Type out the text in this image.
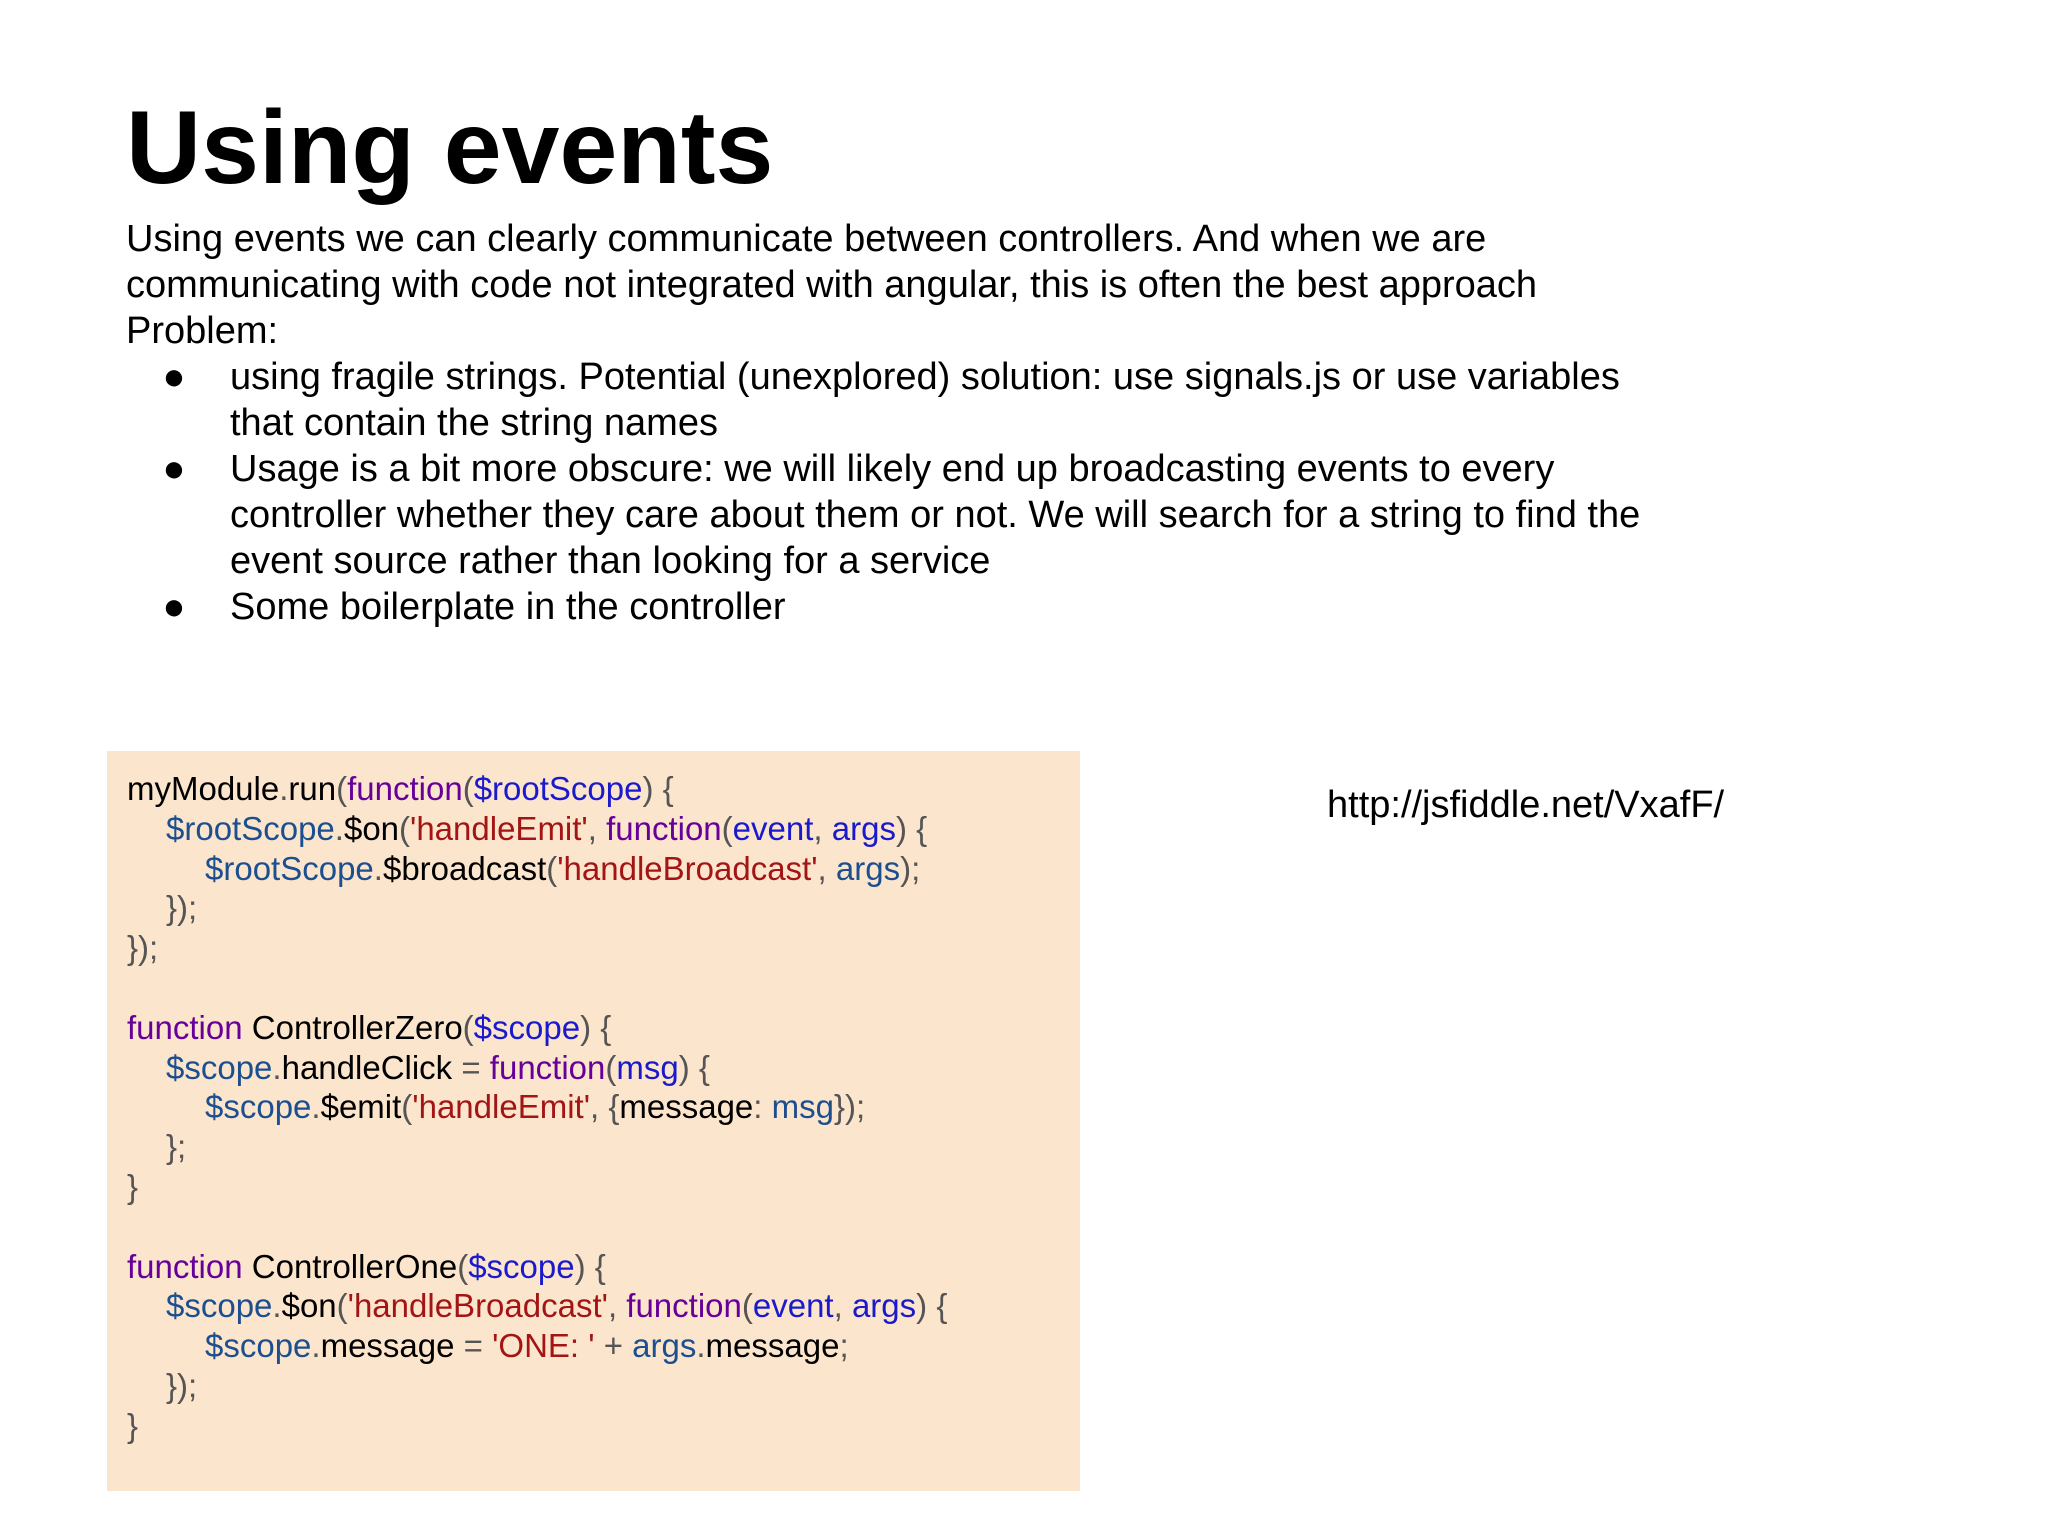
Using events

Using events we can clearly communicate between controllers. And when we are

communicating with code not integrated with angular, this is often the best approach

Problem:

● using fragile strings. Potential (unexplored) solution: use signals.js or use variables
that contain the string names
● Usage is a bit more obscure: we will likely end up broadcasting events to every
controller whether they care about them or not. We will search for a string to find the
event source rather than looking for a service
● Some boilerplate in the controller
myModule.run(function($rootScope) {
$rootScope.$on('handleEmit', function(event, args) {
$rootScope.$broadcast('handleBroadcast', args);
});
});
function ControllerZero($scope) {
$scope.handleClick = function(msg) {
$scope.$emit('handleEmit', {message: msg});
};
}
function ControllerOne($scope) {
$scope.$on('handleBroadcast', function(event, args) {
$scope.message = 'ONE: ' + args.message;
});
}
http://jsfiddle.net/VxafF/
